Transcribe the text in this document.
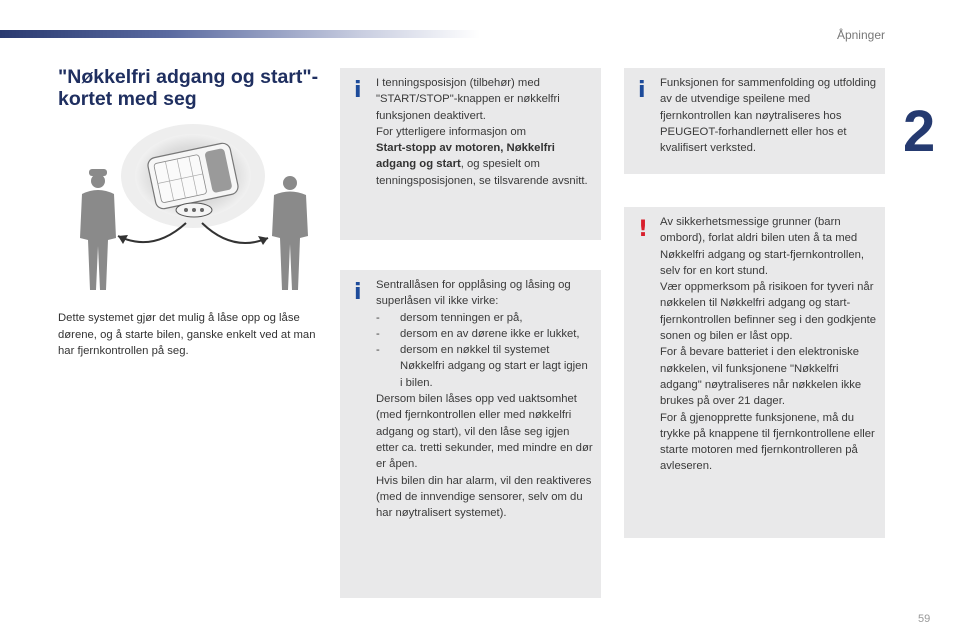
Åpninger
2
59
"Nøkkelfri adgang og start"-kortet med seg

Dette systemet gjør det mulig å låse opp og låse dørene, og å starte bilen, ganske enkelt ved at man har fjernkontrollen på seg.

i I tenningsposisjon (tilbehør) med "START/STOP"-knappen er nøkkelfri funksjonen deaktivert.
For ytterligere informasjon om
Start-stopp av motoren, Nøkkelfri adgang og start, og spesielt om tenningsposisjonen, se tilsvarende avsnitt.

i Sentrallåsen for opplåsing og låsing og superlåsen vil ikke virke:

- dersom tenningen er på,
- dersom en av dørene ikke er lukket,
- dersom en nøkkel til systemet Nøkkelfri adgang og start er lagt igjen i bilen.

Dersom bilen låses opp ved uaktsomhet (med fjernkontrollen eller med nøkkelfri adgang og start), vil den låse seg igjen etter ca. tretti sekunder, med mindre en dør er åpen.

Hvis bilen din har alarm, vil den reaktiveres (med de innvendige sensorer, selv om du har nøytralisert systemet).

i Funksjonen for sammenfolding og utfolding av de utvendige speilene med fjernkontrollen kan nøytraliseres hos PEUGEOT-forhandlernett eller hos et kvalifisert verksted.

! Av sikkerhetsmessige grunner (barn ombord), forlat aldri bilen uten å ta med Nøkkelfri adgang og start-fjernkontrollen, selv for en kort stund.

Vær oppmerksom på risikoen for tyveri når nøkkelen til Nøkkelfri adgang og start-fjernkontrollen befinner seg i den godkjente sonen og bilen er låst opp.

For å bevare batteriet i den elektroniske nøkkelen, vil funksjonene "Nøkkelfri adgang" nøytraliseres når nøkkelen ikke brukes på over 21 dager.

For å gjenopprette funksjonene, må du trykke på knappene til fjernkontrollene eller starte motoren med fjernkontrolleren på avleseren.
